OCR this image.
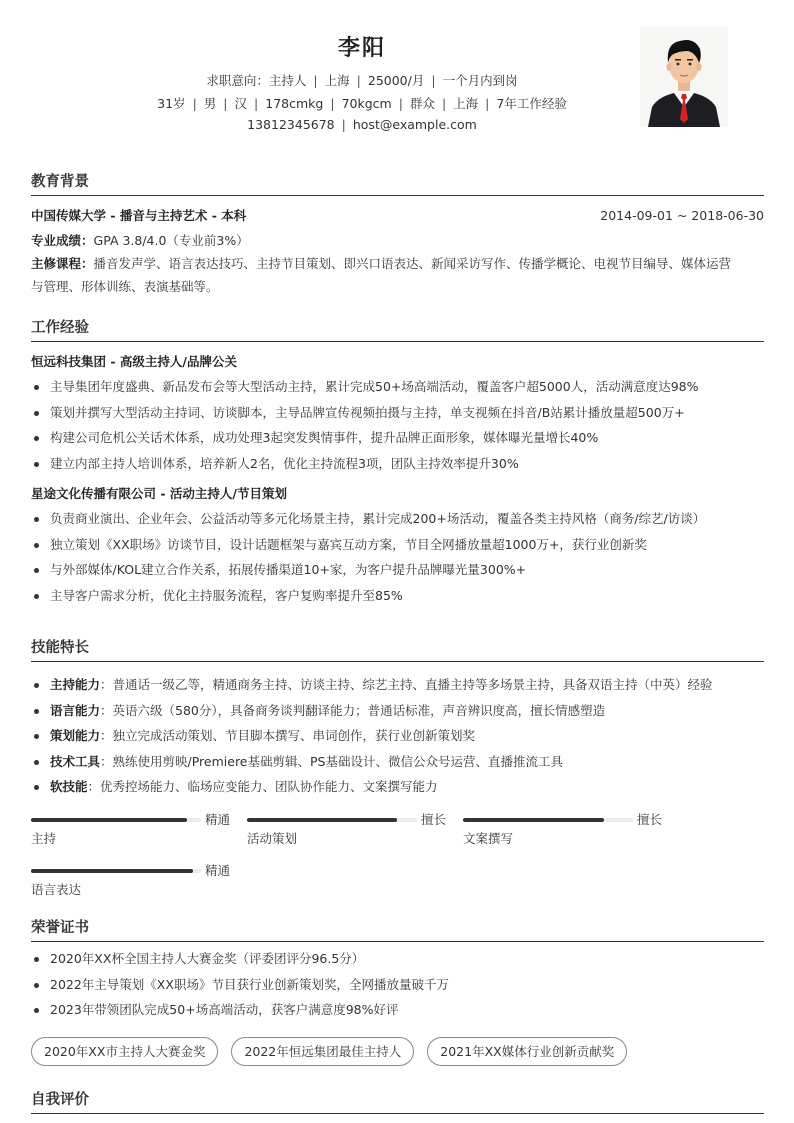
李阳
求职意向：主持人 | 上海 | 25000/月 | 一个月内到岗
31岁 | 男 | 汉 | 178cmkg | 70kgcm | 群众 | 上海 | 7年工作经验
13812345678 | host@example.com
教育背景
中国传媒大学 - 播音与主持艺术 - 本科	2014-09-01 ~ 2018-06-30
专业成绩：GPA 3.8/4.0（专业前3%）
主修课程：播音发声学、语言表达技巧、主持节目策划、即兴口语表达、新闻采访写作、传播学概论、电视节目编导、媒体运营
与管理、形体训练、表演基础等。
工作经验
恒远科技集团 - 高级主持人/品牌公关
主导集团年度盛典、新品发布会等大型活动主持，累计完成50+场高端活动，覆盖客户超5000人，活动满意度达98%
策划并撰写大型活动主持词、访谈脚本，主导品牌宣传视频拍摄与主持，单支视频在抖音/B站累计播放量超500万+
构建公司危机公关话术体系，成功处理3起突发舆情事件，提升品牌正面形象，媒体曝光量增长40%
建立内部主持人培训体系，培养新人2名，优化主持流程3项，团队主持效率提升30%
星途文化传播有限公司 - 活动主持人/节目策划
负责商业演出、企业年会、公益活动等多元化场景主持，累计完成200+场活动，覆盖各类主持风格（商务/综艺/访谈）
独立策划《XX职场》访谈节目，设计话题框架与嘉宾互动方案，节目全网播放量超1000万+，获行业创新奖
与外部媒体/KOL建立合作关系，拓展传播渠道10+家，为客户提升品牌曝光量300%+
主导客户需求分析，优化主持服务流程，客户复购率提升至85%
技能特长
主持能力：普通话一级乙等，精通商务主持、访谈主持、综艺主持、直播主持等多场景主持，具备双语主持（中英）经验
语言能力：英语六级（580分），具备商务谈判翻译能力；普通话标准，声音辨识度高，擅长情感塑造
策划能力：独立完成活动策划、节目脚本撰写、串词创作，获行业创新策划奖
技术工具：熟练使用剪映/Premiere基础剪辑、PS基础设计、微信公众号运营、直播推流工具
软技能：优秀控场能力、临场应变能力、团队协作能力、文案撰写能力
精通
主持
擅长
活动策划
擅长
文案撰写
精通
语言表达
荣誉证书
2020年XX杯全国主持人大赛金奖（评委团评分96.5分）
2022年主导策划《XX职场》节目获行业创新策划奖，全网播放量破千万
2023年带领团队完成50+场高端活动，获客户满意度98%好评
2020年XX市主持人大赛金奖	2022年恒远集团最佳主持人	2021年XX媒体行业创新贡献奖
自我评价
